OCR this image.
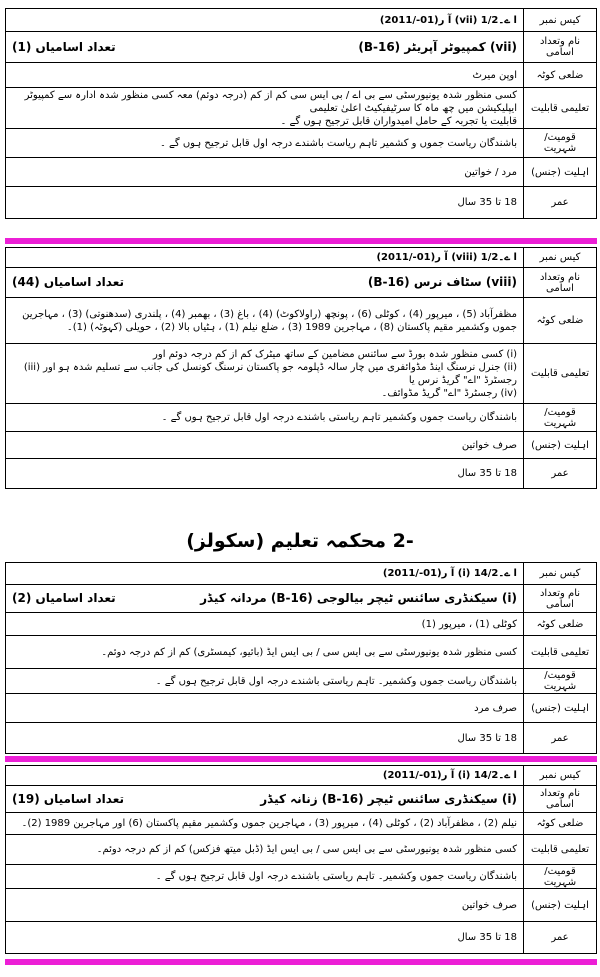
کیس نمبر	ا ے۔1/2 (vii) آ ر(01-/2011)
نام وتعداد اسامی	(vii) کمپیوٹر آپریٹر (B-16)
تعداد اسامیاں (1)

ضلعی کوٹہ	اوپن میرٹ
تعلیمی قابلیت	کسی منظور شدہ یونیورسٹی سے بی اے / بی ایس سی کم از کم (درجہ دوئم) معہ کسی منظور شدہ ادارہ سے کمپیوٹر ایپلیکیشن میں چھ ماہ کا سرٹیفیکیٹ اعلیٰ تعلیمی
قابلیت یا تجربہ کے حامل امیدواران قابل ترجیح ہوں گے ۔

قومیت/شہریت	باشندگان ریاست جموں و کشمیر تاہم ریاست باشندے درجہ اول قابل ترجیح ہوں گے ۔
اہلیت (جنس)	مرد / خواتین
عمر	18 تا 35 سال
کیس نمبر	ا ے۔1/2 (viii) آ ر(01-/2011)
نام وتعداد اسامی	(viii) سٹاف نرس (B-16)
تعداد اسامیاں (44)

ضلعی کوٹہ	مظفرآباد (5) ، میرپور (4) ، کوٹلی (6) ، پونچھ (راولاکوٹ) (4) ، باغ (3) ، بھمبر (4) ، پلندری (سدھنوتی) (3) ، مہاجرین
جموں وکشمیر مقیم پاکستان (8) ، مہاجرین 1989 (3) ، ضلع نیلم (1) ، ہٹیاں بالا (2) ، حویلی (کہوٹہ) (1)۔

تعلیمی قابلیت	(i) کسی منظور شدہ بورڈ سے سائنس مضامین کے ساتھ میٹرک کم از کم درجہ دوئم اور
(ii) جنرل نرسنگ اینڈ مڈوائفری میں چار سالہ ڈپلومہ جو پاکستان نرسنگ کونسل کی جانب سے تسلیم شدہ ہو اور (iii) رجسٹرڈ "اے" گریڈ نرس یا
(iv) رجسٹرڈ "اے" گریڈ مڈوائف۔

قومیت/شہریت	باشندگان ریاست جموں وکشمیر تاہم ریاستی باشندے درجہ اول قابل ترجیح ہوں گے ۔
اہلیت (جنس)	صرف خواتین
عمر	18 تا 35 سال
-2 محکمہ تعلیم (سکولز)
کیس نمبر	ا ے۔14/2 (i) آ ر(01-/2011)
نام وتعداد اسامی	(i) سیکنڈری سائنس ٹیچر بیالوجی (B-16) مردانہ کیڈر
تعداد اسامیاں (2)

ضلعی کوٹہ	کوٹلی (1) ، میرپور (1)
تعلیمی قابلیت	کسی منظور شدہ یونیورسٹی سے بی ایس سی / بی ایس ایڈ (بائیو، کیمسٹری) کم از کم درجہ دوئم۔
قومیت/شہریت	باشندگان ریاست جموں وکشمیر۔ تاہم ریاستی باشندے درجہ اول قابل ترجیح ہوں گے ۔
اہلیت (جنس)	صرف مرد
عمر	18 تا 35 سال
کیس نمبر	ا ے۔14/2 (i) آ ر(01-/2011)
نام وتعداد اسامی	(i) سیکنڈری سائنس ٹیچر (B-16) زنانہ کیڈر
تعداد اسامیاں (19)

ضلعی کوٹہ	نیلم (2) ، مظفرآباد (2) ، کوٹلی (4) ، میرپور (3) ، مہاجرین جموں وکشمیر مقیم پاکستان (6) اور مہاجرین 1989 (2)۔
تعلیمی قابلیت	کسی منظور شدہ یونیورسٹی سے بی ایس سی / بی ایس ایڈ (ڈبل میتھ فزکس) کم از کم درجہ دوئم۔
قومیت/شہریت	باشندگان ریاست جموں وکشمیر۔ تاہم ریاستی باشندے درجہ اول قابل ترجیح ہوں گے ۔
اہلیت (جنس)	صرف خواتین
عمر	18 تا 35 سال
